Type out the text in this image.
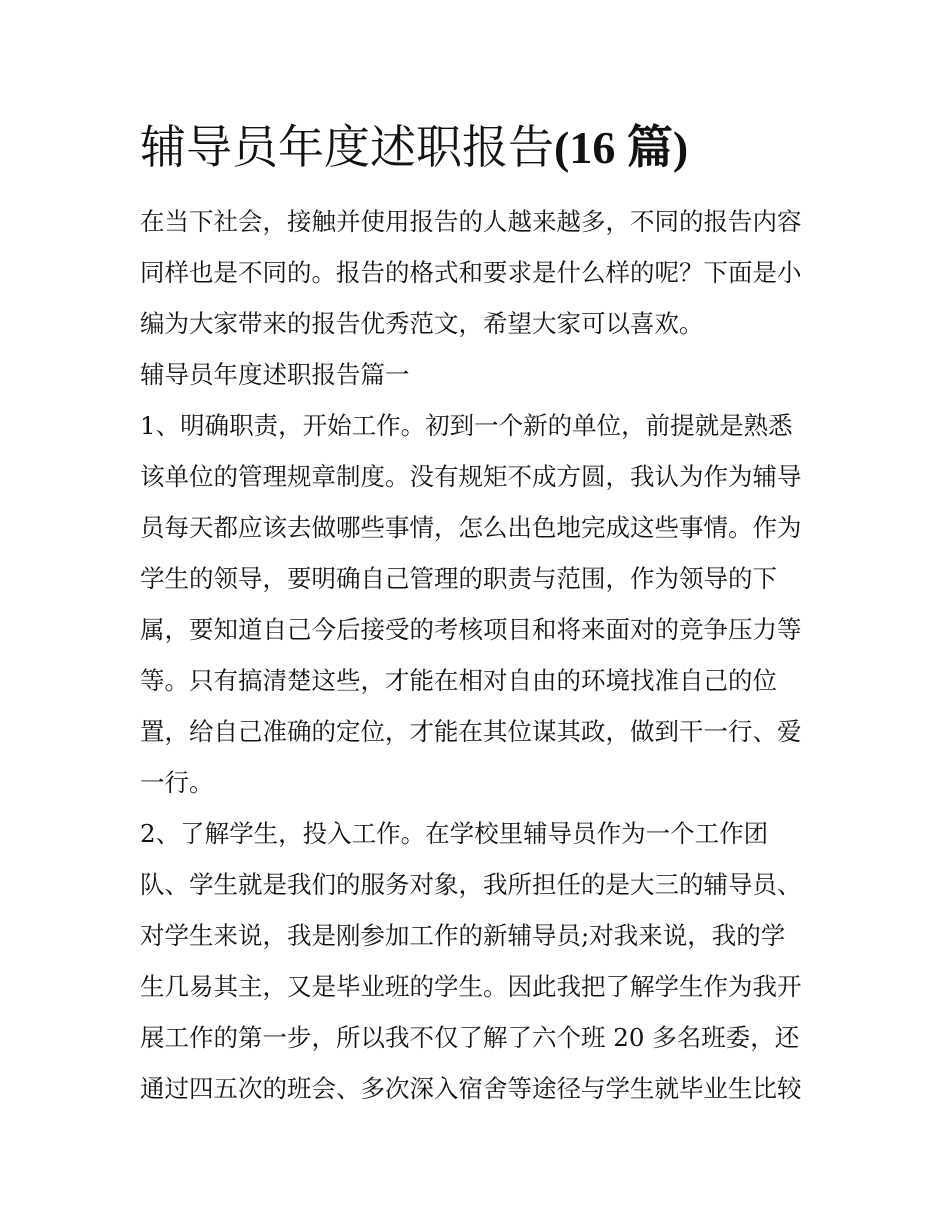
辅导员年度述职报告(16 篇)

在当下社会，接触并使用报告的人越来越多，不同的报告内容
同样也是不同的。报告的格式和要求是什么样的呢？下面是小
编为大家带来的报告优秀范文，希望大家可以喜欢。

辅导员年度述职报告篇一

1、明确职责，开始工作。初到一个新的单位，前提就是熟悉
该单位的管理规章制度。没有规矩不成方圆，我认为作为辅导
员每天都应该去做哪些事情，怎么出色地完成这些事情。作为
学生的领导，要明确自己管理的职责与范围，作为领导的下
属，要知道自己今后接受的考核项目和将来面对的竞争压力等
等。只有搞清楚这些，才能在相对自由的环境找准自己的位
置，给自己准确的定位，才能在其位谋其政，做到干一行、爱
一行。

2、了解学生，投入工作。在学校里辅导员作为一个工作团
队、学生就是我们的服务对象，我所担任的是大三的辅导员、
对学生来说，我是刚参加工作的新辅导员;对我来说，我的学
生几易其主，又是毕业班的学生。因此我把了解学生作为我开
展工作的第一步，所以我不仅了解了六个班 20 多名班委，还
通过四五次的班会、多次深入宿舍等途径与学生就毕业生比较
